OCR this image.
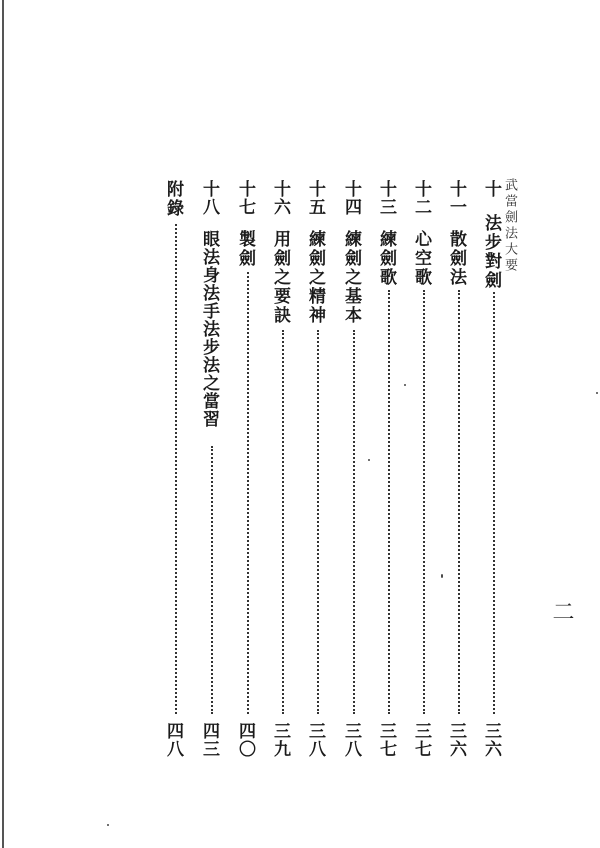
武當劍法大要
二
十
法步對劍
三六
十一
散劍法
三六
十二
心空歌
三七
十三
練劍歌
三七
十四
練劍之基本
三八
十五
練劍之精神
三八
十六
用劍之要訣
三九
十七
製劍
四〇
十八
眼法身法手法步法之當習
四三
附錄
四八
